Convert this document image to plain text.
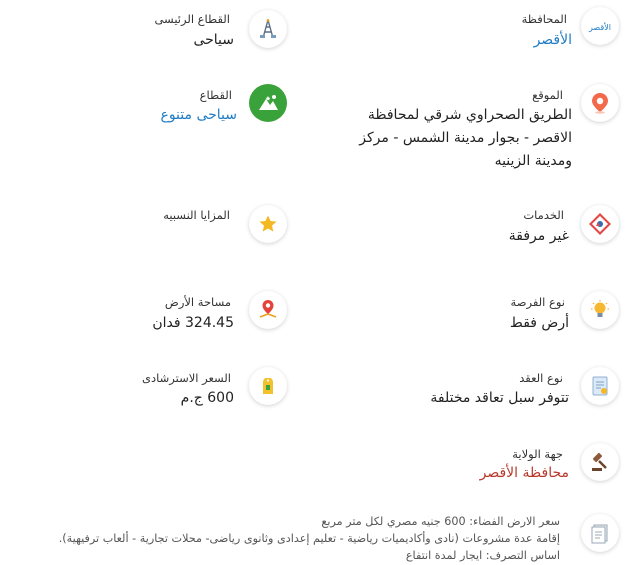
الأقصر
المحافظة
الأقصر
القطاع الرئيسى
سياحى
الموقع
الطريق الصحراوي شرقي لمحافظة الاقصر - بجوار مدينة الشمس - مركز ومدينة الزينيه
القطاع
سياحى متنوع
الخدمات
غير مرفقة
المزايا النسبيه
نوع الفرصة
أرض فقط
مساحة الأرض
324.45 فدان
نوع العقد
تتوفر سبل تعاقد مختلفة
السعر الاسترشادى
600 ج.م
جهة الولاية
محافظة الأقصر
سعر الارض الفضاء: 600 جنيه مصري لكل متر مربع
إقامة عدة مشروعات (نادى وأكاديميات رياضية - تعليم إعدادى وثانوى رياضى- محلات تجارية - ألعاب ترفيهية).
اساس التصرف: ايجار لمدة انتفاع
